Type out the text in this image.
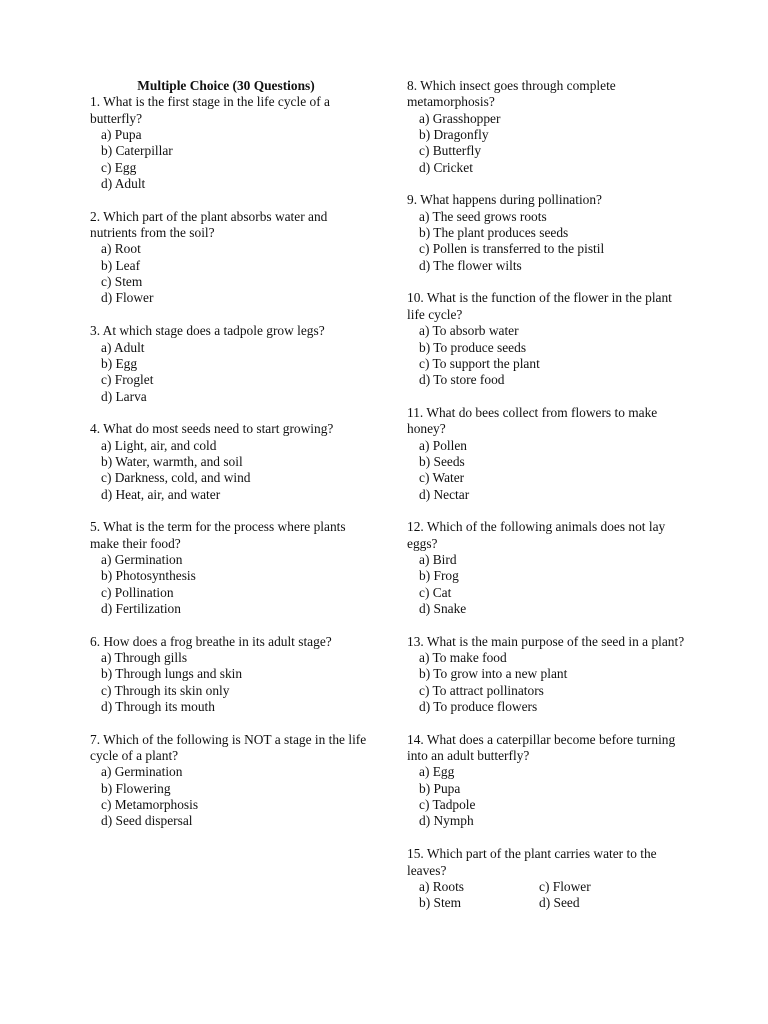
Multiple Choice (30 Questions)
1. What is the first stage in the life cycle of a butterfly?
a) Pupa
b) Caterpillar
c) Egg
d) Adult
2. Which part of the plant absorbs water and nutrients from the soil?
a) Root
b) Leaf
c) Stem
d) Flower
3. At which stage does a tadpole grow legs?
a) Adult
b) Egg
c) Froglet
d) Larva
4. What do most seeds need to start growing?
a) Light, air, and cold
b) Water, warmth, and soil
c) Darkness, cold, and wind
d) Heat, air, and water
5. What is the term for the process where plants make their food?
a) Germination
b) Photosynthesis
c) Pollination
d) Fertilization
6. How does a frog breathe in its adult stage?
a) Through gills
b) Through lungs and skin
c) Through its skin only
d) Through its mouth
7. Which of the following is NOT a stage in the life cycle of a plant?
a) Germination
b) Flowering
c) Metamorphosis
d) Seed dispersal
8. Which insect goes through complete metamorphosis?
a) Grasshopper
b) Dragonfly
c) Butterfly
d) Cricket
9. What happens during pollination?
a) The seed grows roots
b) The plant produces seeds
c) Pollen is transferred to the pistil
d) The flower wilts
10. What is the function of the flower in the plant life cycle?
a) To absorb water
b) To produce seeds
c) To support the plant
d) To store food
11. What do bees collect from flowers to make honey?
a) Pollen
b) Seeds
c) Water
d) Nectar
12. Which of the following animals does not lay eggs?
a) Bird
b) Frog
c) Cat
d) Snake
13. What is the main purpose of the seed in a plant?
a) To make food
b) To grow into a new plant
c) To attract pollinators
d) To produce flowers
14. What does a caterpillar become before turning into an adult butterfly?
a) Egg
b) Pupa
c) Tadpole
d) Nymph
15. Which part of the plant carries water to the leaves?
a) Roots	c) Flower
b) Stem	d) Seed
